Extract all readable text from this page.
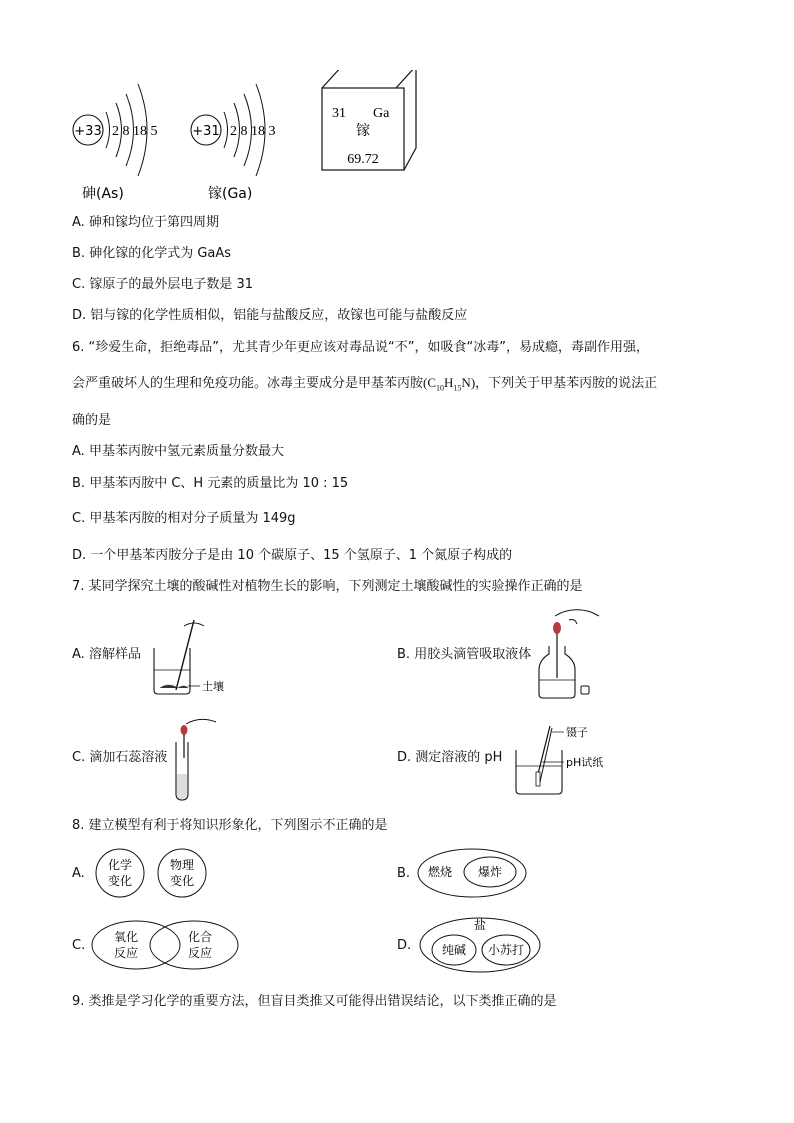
+33 2 8 18 5
砷(As)
+31 2 8 18 3
镓(Ga)
31 Ga
镓
69.72
A. 砷和镓均位于第四周期
B. 砷化镓的化学式为 GaAs
C. 镓原子的最外层电子数是 31
D. 铝与镓的化学性质相似，铝能与盐酸反应，故镓也可能与盐酸反应
6. “珍爱生命，拒绝毒品”，尤其青少年更应该对毒品说“不”，如吸食“冰毒”，易成瘾，毒副作用强，
会严重破坏人的生理和免疫功能。冰毒主要成分是甲基苯丙胺$(C_{10}H_{15}N)$，下列关于甲基苯丙胺的说法正
确的是
A. 甲基苯丙胺中氢元素质量分数最大
B. 甲基苯丙胺中 C、H 元素的质量比为 10 : 15
C. 甲基苯丙胺的相对分子质量为 149g
D. 一个甲基苯丙胺分子是由 10 个碳原子、15 个氢原子、1 个氮原子构成的
7. 某同学探究土壤的酸碱性对植物生长的影响，下列测定土壤酸碱性的实验操作正确的是
A. 溶解样品
土壤
B. 用胶头滴管吸取液体
C. 滴加石蕊溶液	D. 测定溶液的 pH
镊子
pH试纸
8. 建立模型有利于将知识形象化，下列图示不正确的是
A.
化学
变化
物理
变化	B. 燃烧 爆炸
C.
氧化
反应
化合
反应	D.
盐
纯碱 小苏打
9. 类推是学习化学的重要方法，但盲目类推又可能得出错误结论，以下类推正确的是
